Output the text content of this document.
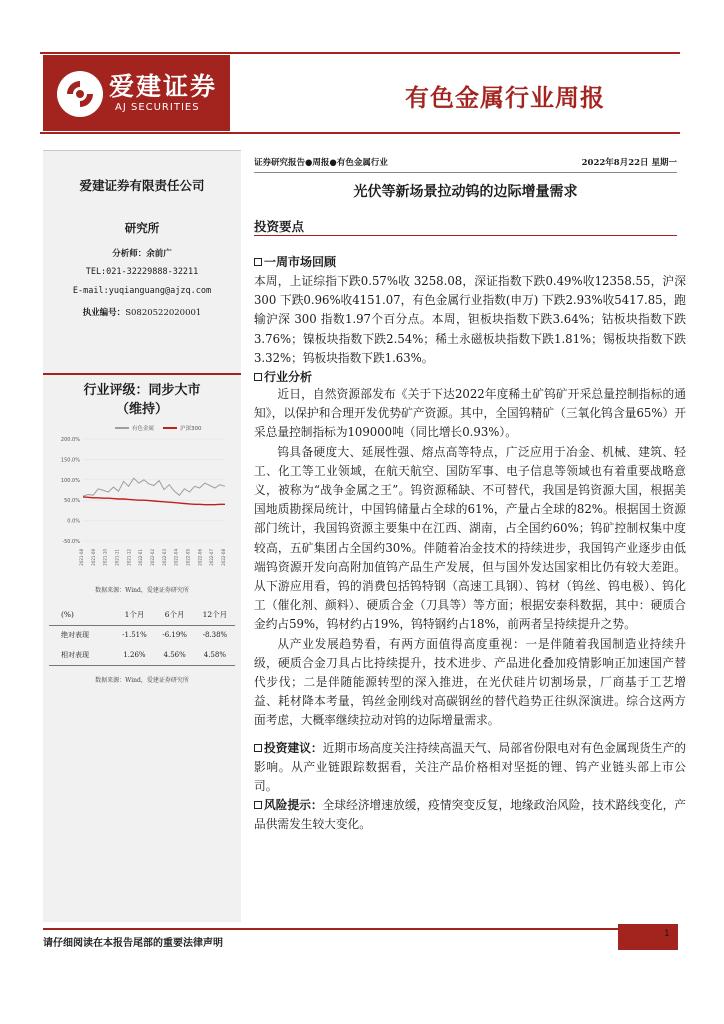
爱建证券
AJ SECURITIES	有色金属行业周报
爱建证券有限责任公司
研究所
分析师：余前广
TEL:021-32229888-32211
E-mail:yuqianguang@ajzq.com
执业编号：S0820522020001
行业评级：同步大市
（维持）
200.0%
150.0%
100.0%
50.0%
0.0%
-50.0%
2021-08 2021-09 2021-10 2021-11 2021-12 2022-01 2022-02 2022-03 2022-04 2022-05 2022-06 2022-07 2022-08
有色金属	沪深300
数据来源：Wind，爱建证券研究所
(%)	1个月	6个月	12个月
绝对表现	-1.51%	-6.19%	-8.38%
相对表现	1.26%	4.56%	4.58%
数据来源：Wind，爱建证券研究所
证券研究报告●周报●有色金属行业	2022年8月22日 星期一
光伏等新场景拉动钨的边际增量需求
投资要点
一周市场回顾

本周，上证综指下跌0.57%收 3258.08，深证指数下跌0.49%收12358.55，沪深 300 下跌0.96%收4151.07，有色金属行业指数(申万) 下跌2.93%收5417.85，跑输沪深 300 指数1.97个百分点。本周，钽板块指数下跌3.64%；钴板块指数下跌3.76%；镍板块指数下跌2.54%；稀土永磁板块指数下跌1.81%；锡板块指数下跌3.32%；钨板块指数下跌1.63%。

行业分析

近日，自然资源部发布《关于下达2022年度稀土矿钨矿开采总量控制指标的通知》，以保护和合理开发优势矿产资源。其中，全国钨精矿（三氧化钨含量65%）开采总量控制指标为109000吨（同比增长0.93%）。

钨具备硬度大、延展性强、熔点高等特点，广泛应用于冶金、机械、建筑、轻工、化工等工业领域，在航天航空、国防军事、电子信息等领域也有着重要战略意义，被称为“战争金属之王”。钨资源稀缺、不可替代，我国是钨资源大国，根据美国地质勘探局统计，中国钨储量占全球的61%，产量占全球的82%。根据国土资源部门统计，我国钨资源主要集中在江西、湖南，占全国约60%；钨矿控制权集中度较高，五矿集团占全国约30%。伴随着冶金技术的持续进步，我国钨产业逐步由低端钨资源开发向高附加值钨产品生产发展，但与国外发达国家相比仍有较大差距。从下游应用看，钨的消费包括钨特钢（高速工具钢）、钨材（钨丝、钨电极）、钨化工（催化剂、颜料）、硬质合金（刀具等）等方面；根据安泰科数据，其中：硬质合金约占59%，钨材约占19%，钨特钢约占18%，前两者呈持续提升之势。

从产业发展趋势看，有两方面值得高度重视：一是伴随着我国制造业持续升级，硬质合金刀具占比持续提升，技术进步、产品进化叠加疫情影响正加速国产替代步伐；二是伴随能源转型的深入推进，在光伏硅片切割场景，厂商基于工艺增益、耗材降本考量，钨丝金刚线对高碳钢丝的替代趋势正往纵深演进。综合这两方面考虑，大概率继续拉动对钨的边际增量需求。

投资建议：近期市场高度关注持续高温天气、局部省份限电对有色金属现货生产的影响。从产业链跟踪数据看，关注产品价格相对坚挺的锂、钨产业链头部上市公司。

风险提示：全球经济增速放缓，疫情突变反复，地缘政治风险，技术路线变化，产品供需发生较大变化。

请仔细阅读在本报告尾部的重要法律声明
1
